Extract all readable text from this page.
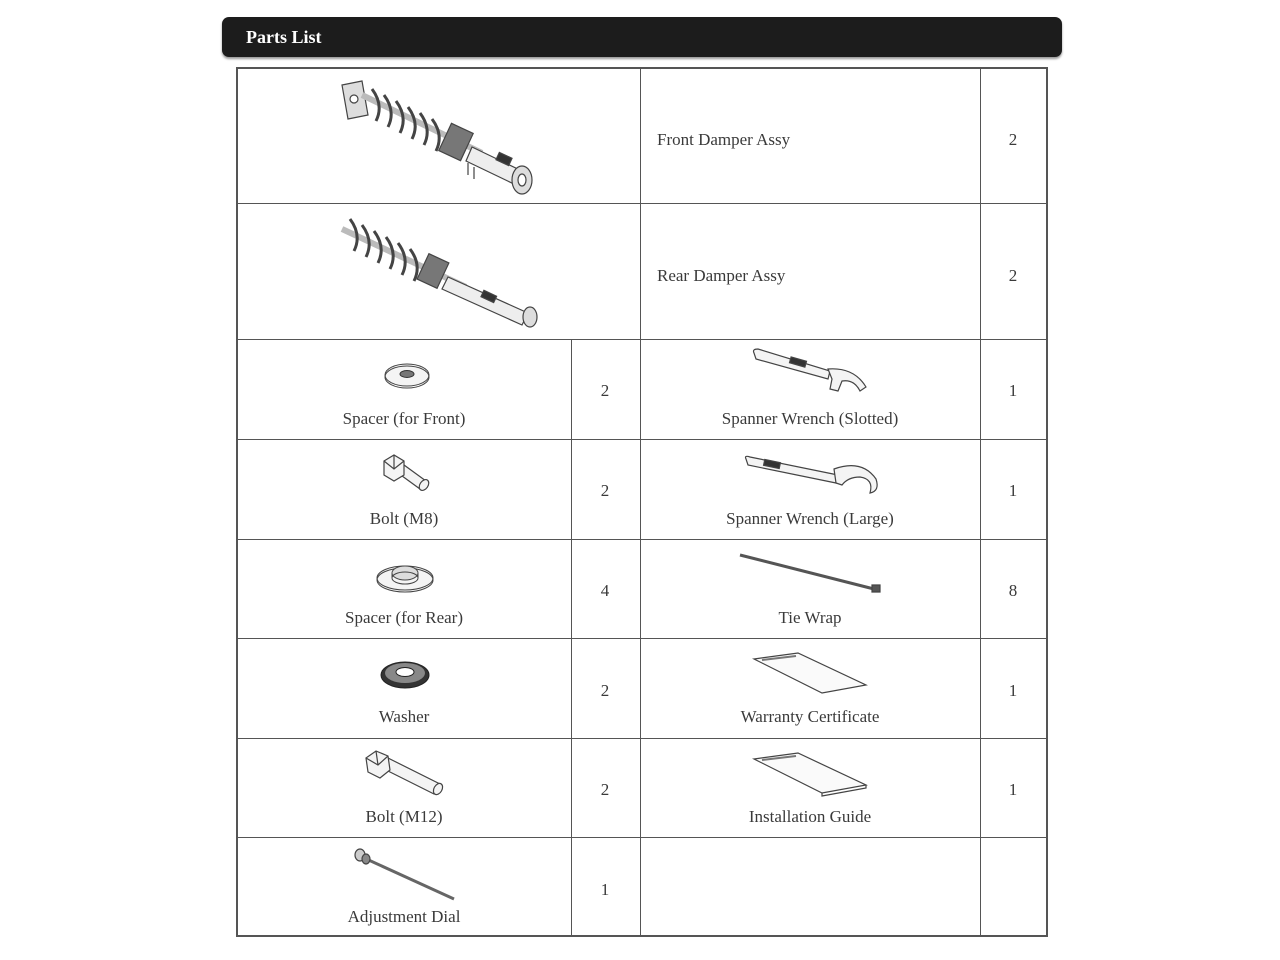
Parts List
Front Damper Assy	2
Rear Damper Assy	2
Spacer (for Front)
2
Bolt (M8)
2
Spacer (for Rear)
4
Washer
2
Bolt (M12)
2
Adjustment Dial
1
Spanner Wrench (Slotted)
1
Spanner Wrench (Large)
1
Tie Wrap
8
Warranty Certificate
1
Installation Guide
1
